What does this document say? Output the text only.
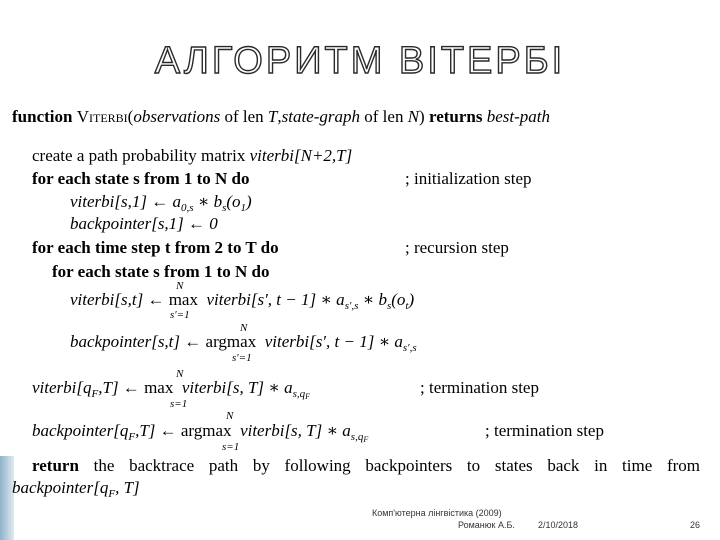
АЛГОРИТМ ВІТЕРБІ
function Viterbi(observations of len T,state-graph of len N) returns best-path
create a path probability matrix viterbi[N+2,T]
for each state s from 1 to N do	; initialization step
viterbi[s,1] ← $a_{0,s}$ ∗ $b_s(o_1)$
backpointer[s,1] ← 0
for each time step t from 2 to T do	; recursion step
for each state s from 1 to N do
N
viterbi[s,t] ← max viterbi[s′, t − 1] ∗ $a_{s',s}$ ∗ $b_s(o_t)$
s′=1
N
backpointer[s,t] ← argmax viterbi[s′, t − 1] ∗ $a_{s',s}$
s′=1
N
$viterbi[q_F,T]$ ← max viterbi[s, T] ∗ $a_{s,qF}$
s=1
; termination step
N
$backpointer[q_F,T]$ ← argmax viterbi[s, T] ∗ $a_{s,qF}$
s=1
; termination step
return the backtrace path by following backpointers to states back in time from
$backpointer[q_F$, T]
Комп'ютерна лінгвістика (2009)
Романюк А.Б.	2/10/2018	26
